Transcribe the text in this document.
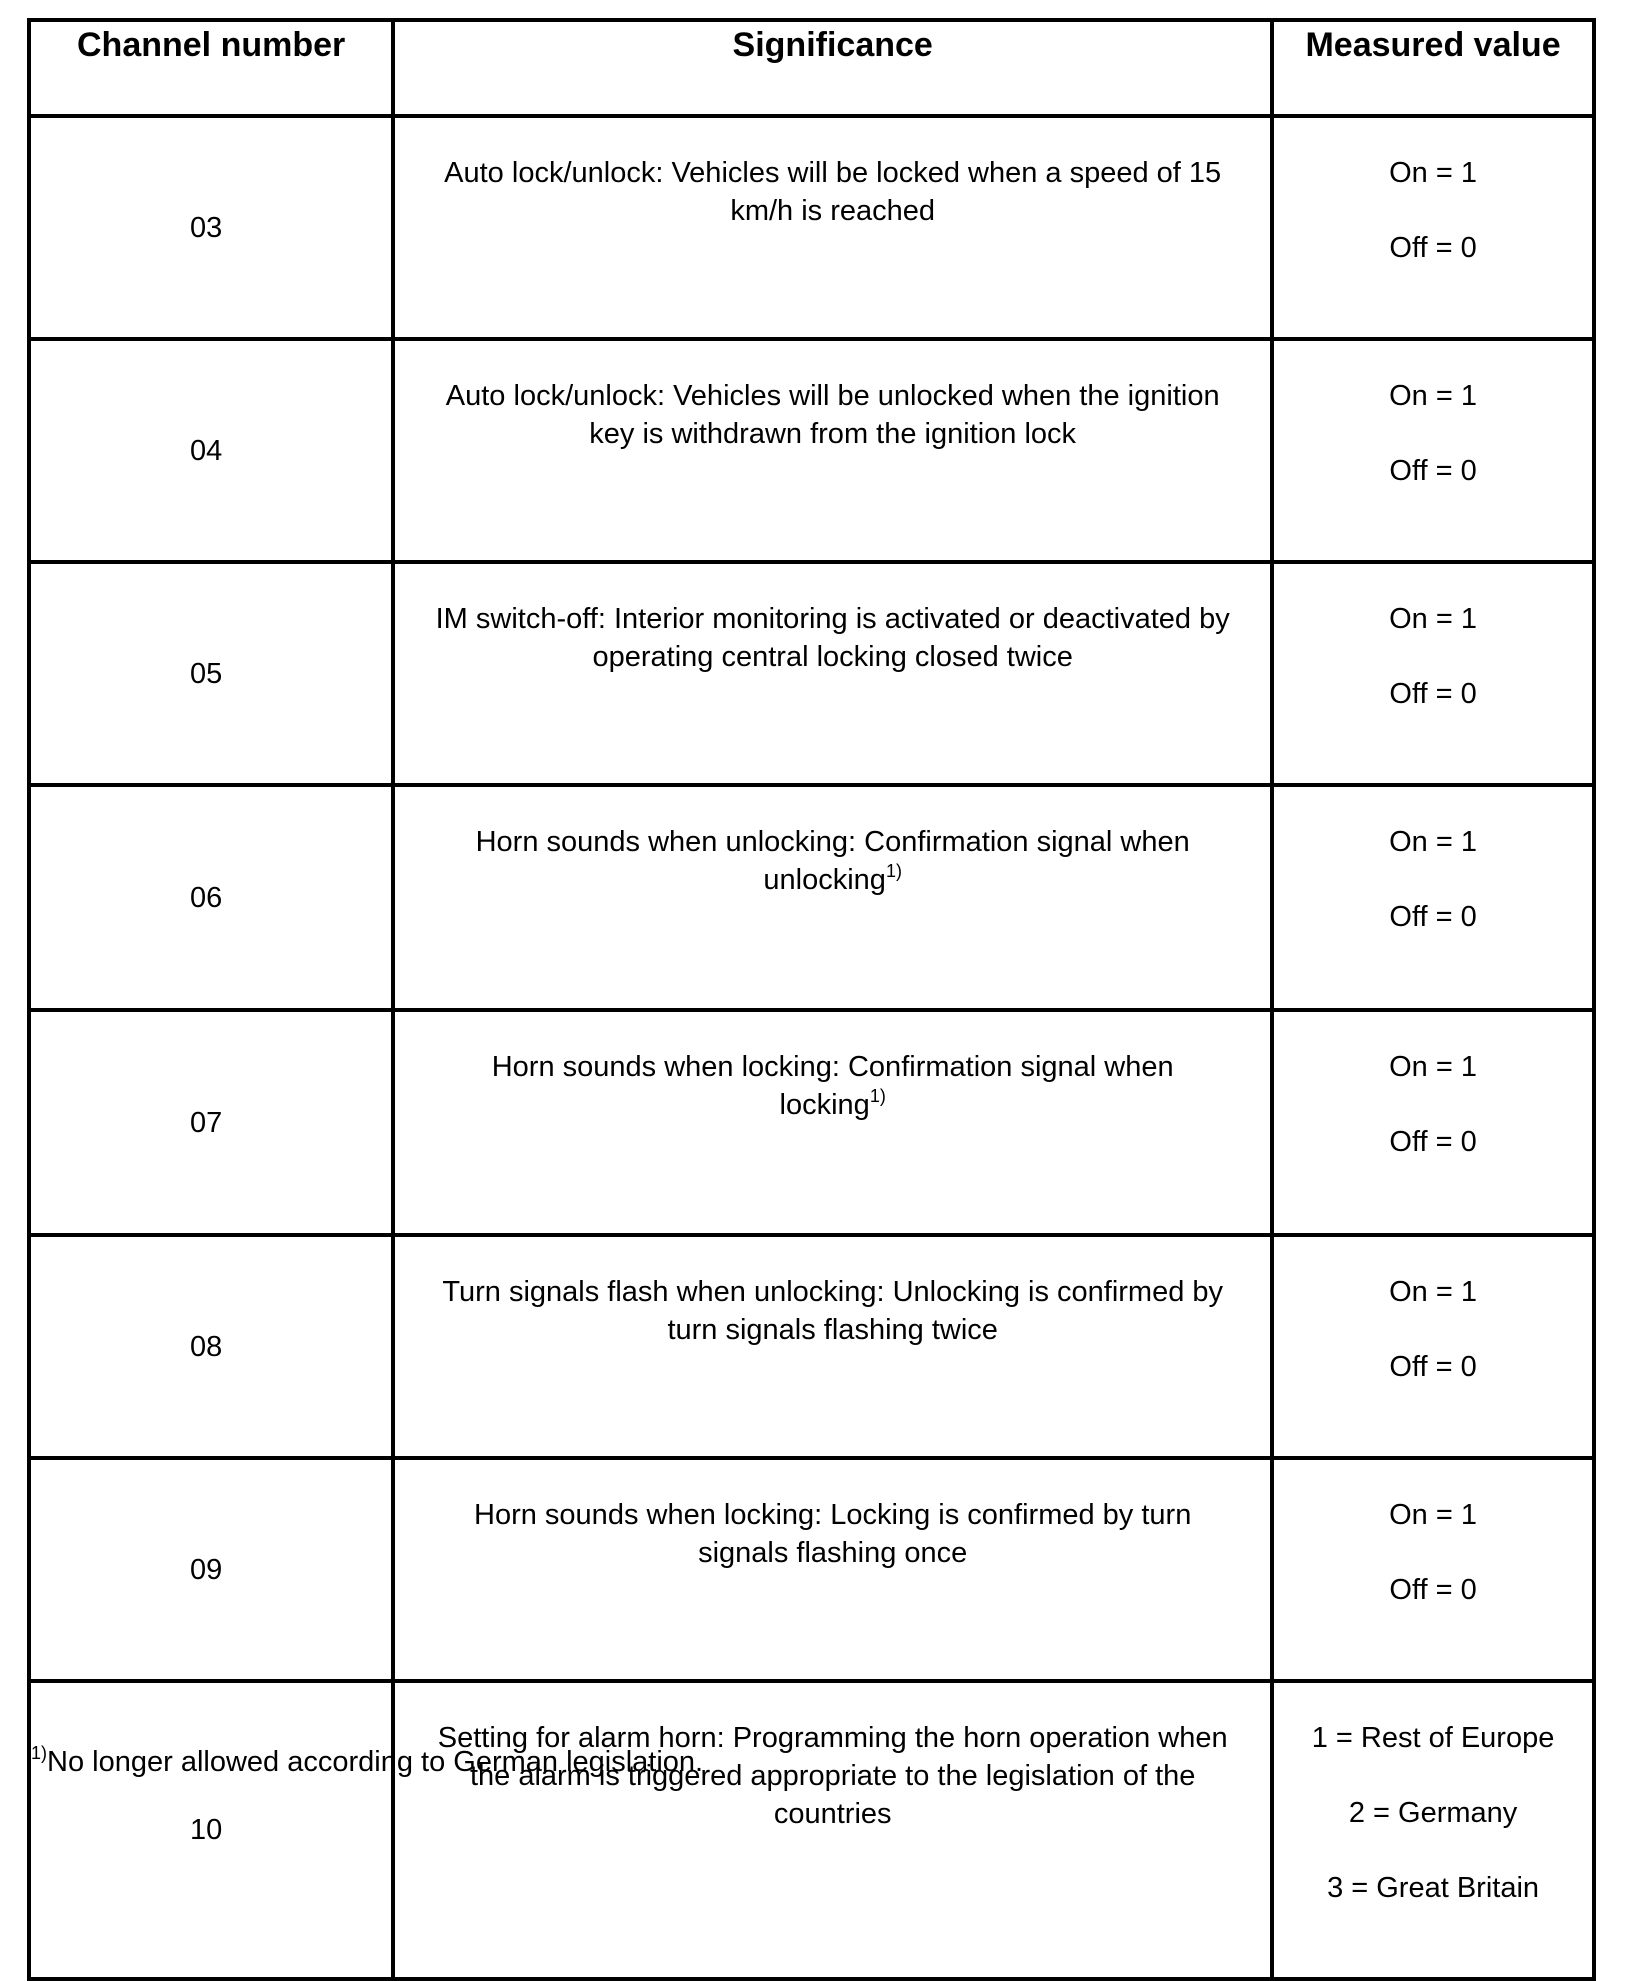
Channel number	Significance	Measured value
03	Auto lock/unlock: Vehicles will be locked when a speed of 15 km/h is reached	On = 1
Off = 0

04	Auto lock/unlock: Vehicles will be unlocked when the ignition key is withdrawn from the ignition lock	On = 1
Off = 0

05	IM switch-off: Interior monitoring is activated or deactivated by operating central locking closed twice	On = 1
Off = 0

06	Horn sounds when unlocking: Confirmation signal when unlocking$^{1)}$	On = 1
Off = 0

07	Horn sounds when locking: Confirmation signal when locking$^{1)}$	On = 1
Off = 0

08	Turn signals flash when unlocking: Unlocking is confirmed by turn signals flashing twice	On = 1
Off = 0

09	Horn sounds when locking: Locking is confirmed by turn signals flashing once	On = 1
Off = 0

10	Setting for alarm horn: Programming the horn operation when the alarm is triggered appropriate to the legislation of the countries	1 = Rest of Europe
2 = Germany
3 = Great Britain
$^{1)}$No longer allowed according to German legislation.
